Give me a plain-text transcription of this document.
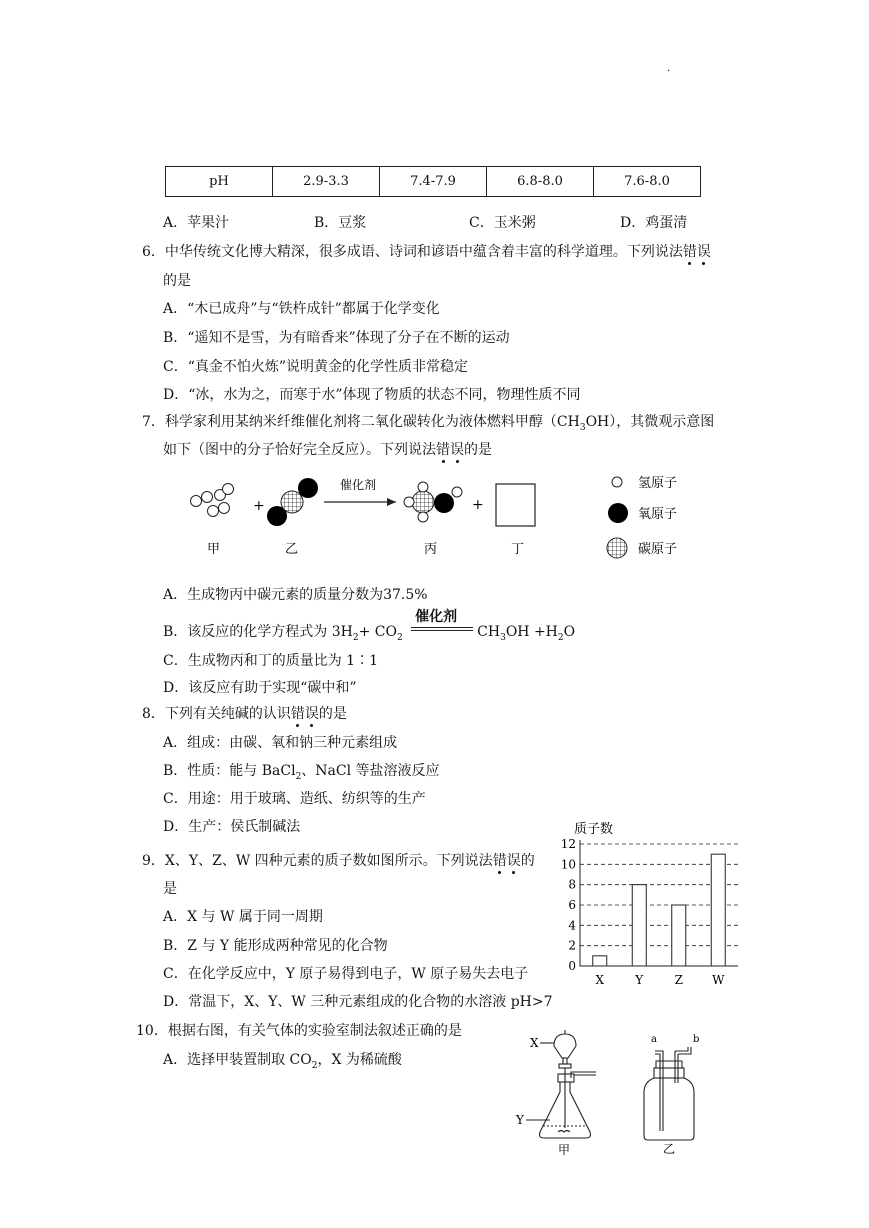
·
pH	2.9-3.3	7.4-7.9	6.8-8.0	7.6-8.0
A．苹果汁	B．豆浆	C．玉米粥	D．鸡蛋清
6．中华传统文化博大精深，很多成语、诗词和谚语中蕴含着丰富的科学道理。下列说法错误
的是
A．“木已成舟”与“铁杵成针”都属于化学变化
B．“遥知不是雪，为有暗香来”体现了分子在不断的运动
C．“真金不怕火炼”说明黄金的化学性质非常稳定
D．“冰，水为之，而寒于水”体现了物质的状态不同，物理性质不同
7．科学家利用某纳米纤维催化剂将二氧化碳转化为液体燃料甲醇$(CH_3OH)$，其微观示意图
如下（图中的分子恰好完全反应）。下列说法错误的是
+
催化剂
+
甲	乙	丙	丁
氢原子
氧原子
碳原子
A．生成物丙中碳元素的质量分数为37.5%
B．该反应的化学方程式为 $3H_2+ CO_2$
催化剂
$CH_3OH +H_2O$
C．生成物丙和丁的质量比为 1∶1
D．该反应有助于实现“碳中和”
8．下列有关纯碱的认识错误的是
A．组成：由碳、氧和钠三种元素组成
B．性质：能与 BaCl$_2$、NaCl 等盐溶液反应
C．用途：用于玻璃、造纸、纺织等的生产
D．生产：侯氏制碱法
9．X、Y、Z、W 四种元素的质子数如图所示。下列说法错误的
是
A．X 与 W 属于同一周期
B．Z 与 Y 能形成两种常见的化合物
C．在化学反应中，Y 原子易得到电子，W 原子易失去电子
D．常温下，X、Y、W 三种元素组成的化合物的水溶液 pH>7
质子数
0
2
4
6
8
10
12
X	Y	Z W
10．根据右图，有关气体的实验室制法叙述正确的是
A．选择甲装置制取 $CO_2$，X 为稀硫酸
X
Y
甲
a	b
乙
